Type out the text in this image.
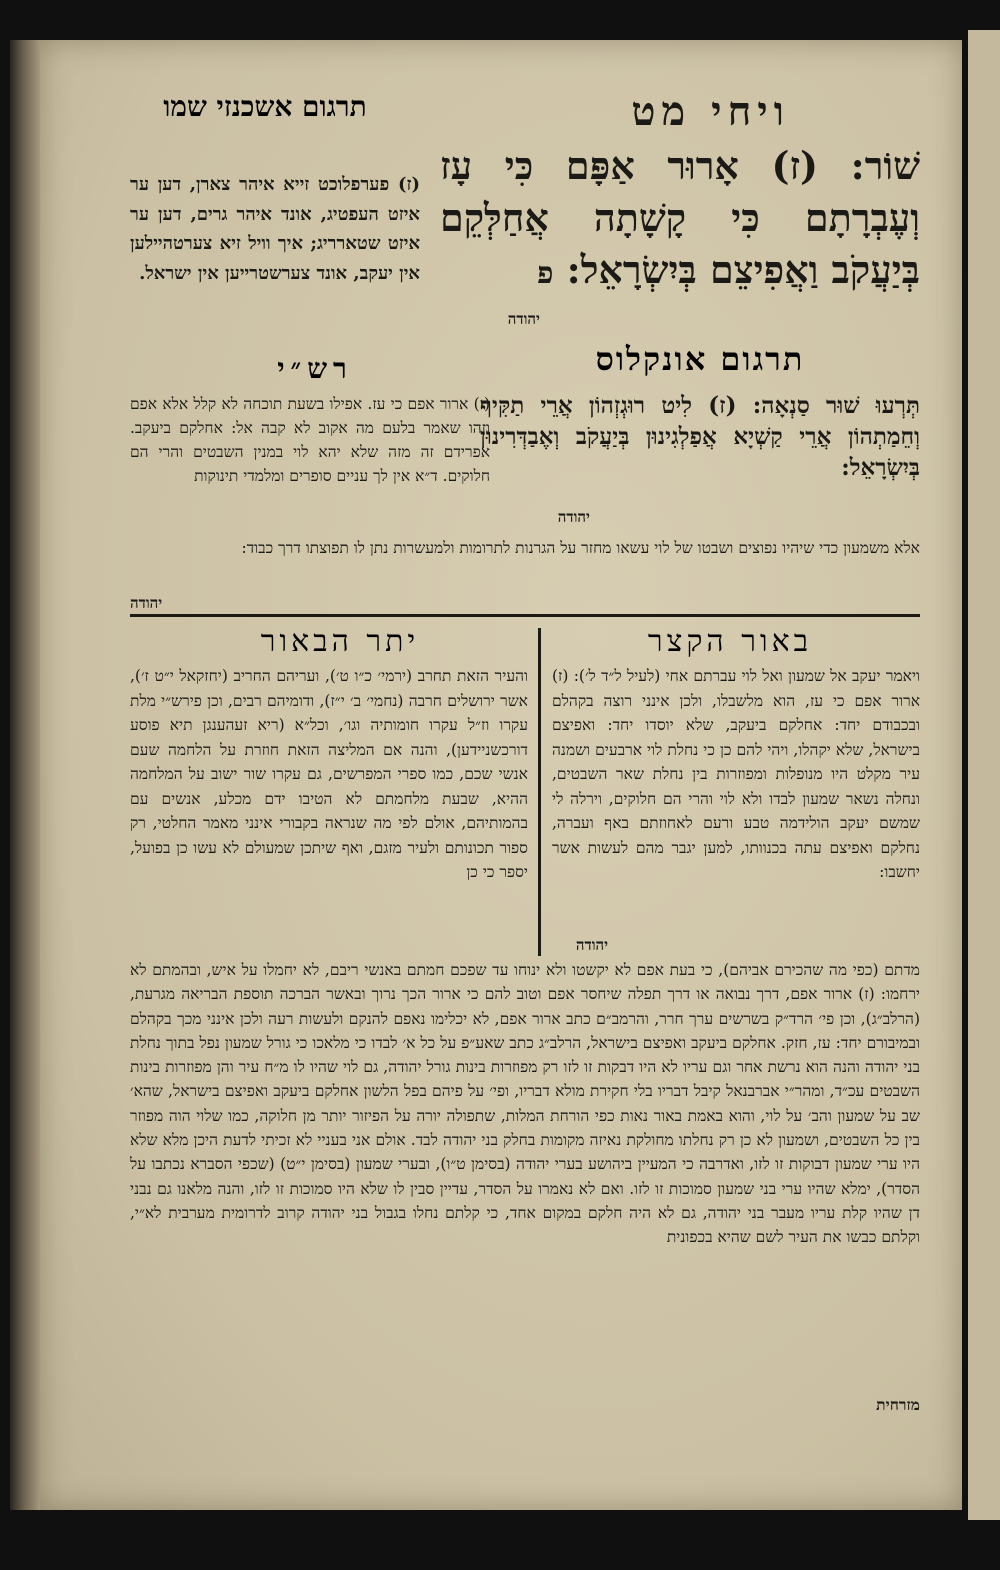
ויחי מט
תרגום אשכנזי שמו
שׁוֹר: (ז) אָרוּר אַפָּם כִּי עָז וְעֶבְרָתָם כִּי קָשָׁתָה אֲחַלְּקֵם בְּיַעֲקֹב וַאֲפִיצֵם בְּיִשְׂרָאֵל: פ
יהודה
(ז) פערפלוכט זייא איהר צארן, דען ער איזט העפטיג, אונד איהר גרים, דען ער איזט שטארריג; איך וויל זיא צערטהיילען אין יעקב, אונד צערשטרייען אין ישראל.
תרגום אונקלוס
תְּרְעוּ שׁוּר סַנְאָה: (ז) לִיט רוּגְזְהוֹן אֲרֵי תַקִּיף וְחֵמַתְהוֹן אֲרֵי קַשְׁיָא אֲפַלְגִינוּן בְּיַעֲקֹב וְאֶבַדְּרִינוּן בְּיִשְׂרָאֵל:
יהודה
רש״י
(ז) ארור אפם כי עז. אפילו בשעת תוכחה לא קלל אלא אפם וזהו שאמר בלעם מה אקוב לא קבה אל: אחלקם ביעקב. אפרידם זה מזה שלא יהא לוי במנין השבטים והרי הם חלוקים. ד״א אין לך עניים סופרים ומלמדי תינוקות
אלא משמעון כדי שיהיו נפוצים ושבטו של לוי עשאו מחזר על הגרנות לתרומות ולמעשרות נתן לו תפוצתו דרך כבוד:
יהודה
באור הקצר
ויאמר יעקב אל שמעון ואל לוי עברתם אחי (לעיל ל״ד ל׳): (ז) ארור אפם כי עז, הוא מלשבלו, ולכן אינני רוצה בקהלם ובכבודם יחד: אחלקם ביעקב, שלא יוסדו יחד: ואפיצם בישראל, שלא יקהלו, ויהי להם כן כי נחלת לוי ארבעים ושמנה עיר מקלט היו מנופלות ומפוזרות בין נחלת שאר השבטים, ונחלה נשאר שמעון לבדו ולא לוי והרי הם חלוקים, וירלה לי שמשם יעקב הולידמה טבע ורעם לאחוזתם באף ועברה, נחלקם ואפיצם עתה בכנוותו, למען יגבר מהם לעשות אשר יחשבו:
יהודה
יתר הבאור
והעיר הזאת תחרב (ירמי׳ כ״ו ט׳), ועריהם החריב (יחזקאל י״ט ז׳), אשר ירושלים חרבה (נחמי׳ ב׳ י״ז), ודומיהם רבים, וכן פירש״י מלת עקרו וז״ל עקרו חומותיה וגו׳, וכל״א (ריא זעהענגן תיא פוסע דורכשניידען), והנה אם המליצה הזאת חוזרת על הלחמה שעם אנשי שכם, כמו ספרי המפרשים, גם עקרו שור ישוב על המלחמה ההיא, שבעת מלחמתם לא הטיבו ידם מכלע, אנשים עם בהמותיהם, אולם לפי מה שנראה בקבורי אינני מאמר החלטי, רק ספור תכונותם ולעיר מזגם, ואף שיתכן שמעולם לא עשו כן בפועל, יספר כי כן
מדתם (כפי מה שהכירם אביהם), כי בעת אפם לא יקשטו ולא ינוחו עד שפכם חמתם באנשי ריבם, לא יחמלו על איש, ובהמתם לא ירחמו: (ז) ארור אפם, דרך נבואה או דרך תפלה שיחסר אפם וטוב להם כי ארור הכך נרוך ובאשר הברכה תוספת הבריאה מגרעת, (הרלב״ג), וכן פי׳ הרד״ק בשרשים ערך חרר, והרמב״ם כתב ארור אפם, לא יכלימו נאפם להנקם ולעשות רעה ולכן אינני מכך בקהלם ובמיבורם יחד: עז, חזק. אחלקם ביעקב ואפיצם בישראל, הרלב״ג כתב שאע״פ על כל א׳ לבדו כי מלאכו כי גורל שמעון נפל בתוך נחלת בני יהודה והנה הוא נרשת אחר וגם עריו לא היו דבקות זו לזו רק מפוזרות בינות גורל יהודה, גם לוי שהיו לו מ״ח עיר והן מפוזרות בינות השבטים עכ״ד, ומהר״י אברבנאל קיבל דבריו בלי חקירת מולא דבריו, ופי׳ על פיהם בפל הלשון אחלקם ביעקב ואפיצם בישראל, שהא׳ שב על שמעון והב׳ על לוי, והוא באמת באור נאות כפי הורחת המלות, שתפולה יורה על הפיזור יותר מן חלוקה, כמו שלוי הוה מפוזר בין כל השבטים, ושמעון לא כן רק נחלתו מחולקת נאיזה מקומות בחלק בני יהודה לבד. אולם אני בעניי לא זכיתי לדעת היכן מלא שלא היו ערי שמעון דבוקות זו לזו, ואדרבה כי המעיין ביהושע בערי יהודה (בסימן ט״ו), ובערי שמעון (בסימן י״ט) (שכפי הסברא נכתבו על הסדר), ימלא שהיו ערי בני שמעון סמוכות זו לזו. ואם לא נאמרו על הסדר, עדיין סבין לו שלא היו סמוכות זו לזו, והנה מלאנו גם נבני דן שהיו קלת עריו מעבר בני יהודה, גם לא היה חלקם במקום אחד, כי קלתם נחלו בגבול בני יהודה קרוב לדרומית מערבית לא״י, וקלתם כבשו את העיר לשם שהיא בכפונית
מזרחית
